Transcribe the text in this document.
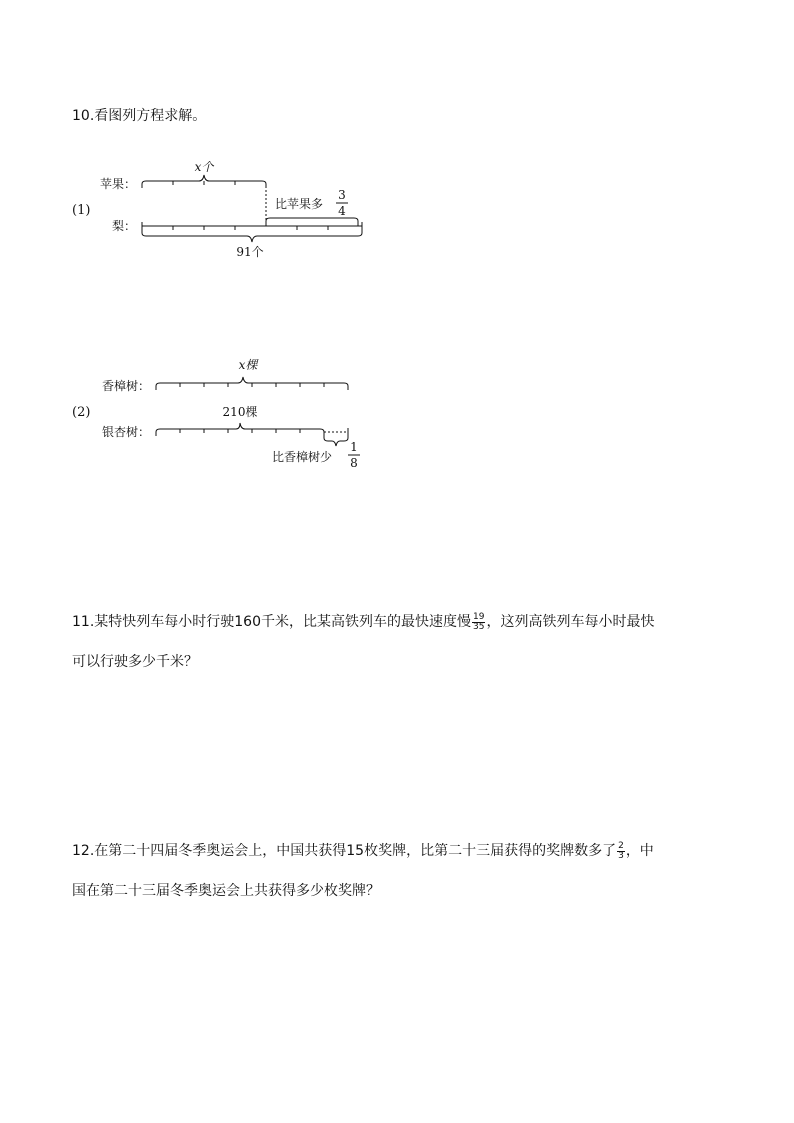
10.看图列方程求解。
x个
苹果：
梨：
(1)	比苹果多
3
4
91个
x棵
香樟树：
(2)	210棵
银杏树：
比香樟树少
1
8
11.某特快列车每小时行驶160千米，比某高铁列车的最快速度慢 $\frac{19}{35}$ ，这列高铁列车每小时最快
可以行驶多少千米？
12.在第二十四届冬季奥运会上，中国共获得15枚奖牌，比第二十三届获得的奖牌数多了 $\frac{2}{3}$ ，中
国在第二十三届冬季奥运会上共获得多少枚奖牌？
